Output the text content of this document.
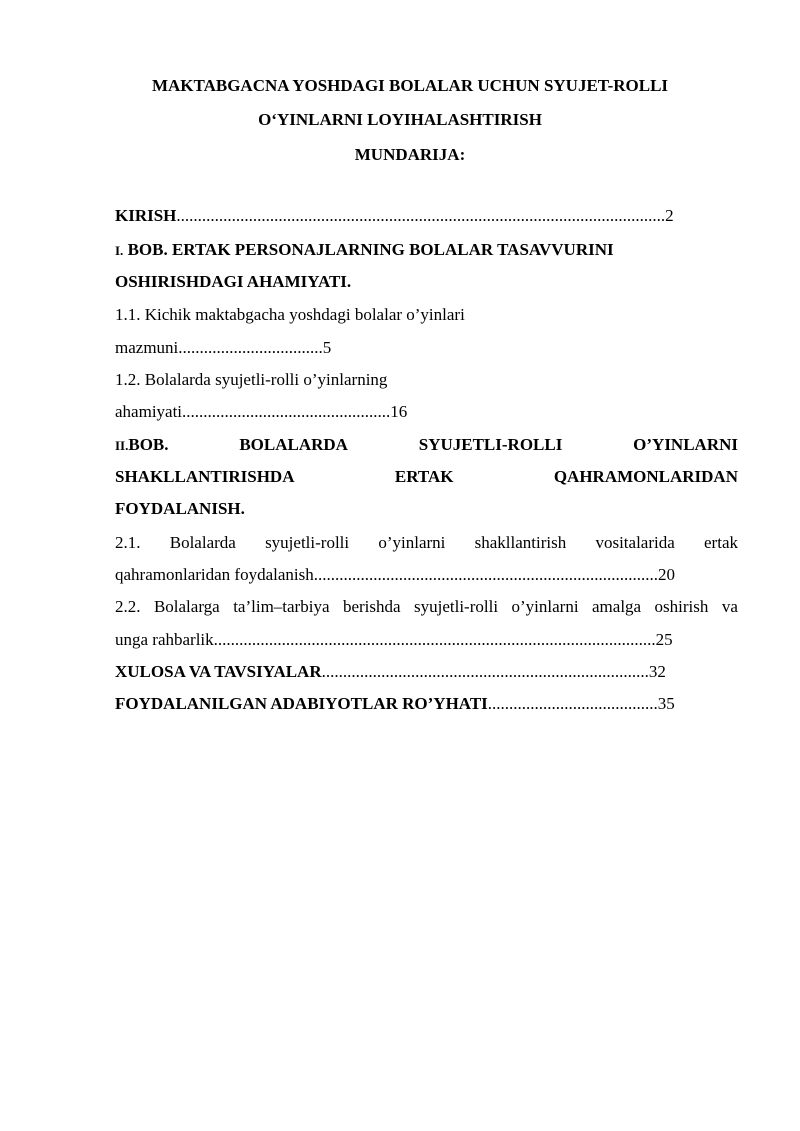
MAKTABGACNA YOSHDAGI BOLALAR UCHUN SYUJET-ROLLI
O‘YINLARNI LOYIHALASHTIRISH
MUNDARIJA:
KIRISH...................................................................................................................2
I. BOB. ERTAK PERSONAJLARNING BOLALAR TASAVVURINI
OSHIRISHDAGI AHAMIYATI.
1.1. Kichik maktabgacha yoshdagi bolalar o’yinlari
mazmuni..................................5
1.2. Bolalarda syujetli-rolli o’yinlarning
ahamiyati.................................................16
II.BOB.	BOLALARDA	SYUJETLI-ROLLI	O’YINLARNI
SHAKLLANTIRISHDA	ERTAK	QAHRAMONLARIDAN
FOYDALANISH.
2.1. Bolalarda syujetli-rolli o’yinlarni shakllantirish vositalarida ertak
qahramonlaridan foydalanish.................................................................................20
2.2. Bolalarga ta’lim–tarbiya berishda syujetli-rolli o’yinlarni amalga oshirish va
unga rahbarlik........................................................................................................25
XULOSA VA TAVSIYALAR.............................................................................32
FOYDALANILGAN ADABIYOTLAR RO’YHATI........................................35
